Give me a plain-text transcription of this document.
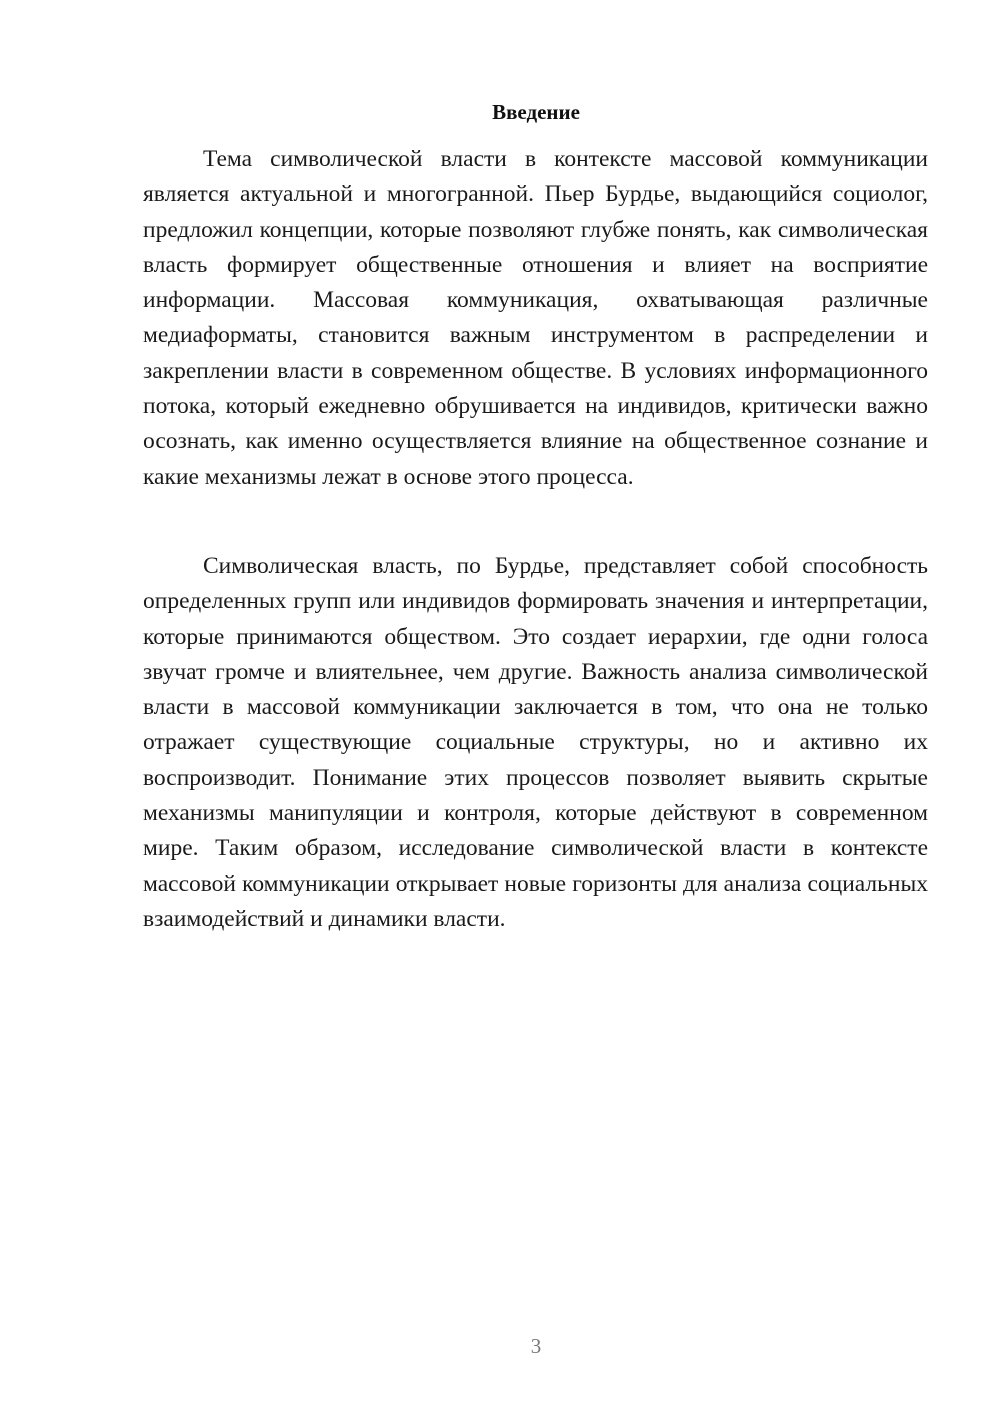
Введение

Тема символической власти в контексте массовой коммуникации является актуальной и многогранной. Пьер Бурдье, выдающийся социолог, предложил концепции, которые позволяют глубже понять, как символическая власть формирует общественные отношения и влияет на восприятие информации. Массовая коммуникация, охватывающая различные медиаформаты, становится важным инструментом в распределении и закреплении власти в современном обществе. В условиях информационного потока, который ежедневно обрушивается на индивидов, критически важно осознать, как именно осуществляется влияние на общественное сознание и какие механизмы лежат в основе этого процесса.

Символическая власть, по Бурдье, представляет собой способность определенных групп или индивидов формировать значения и интерпретации, которые принимаются обществом. Это создает иерархии, где одни голоса звучат громче и влиятельнее, чем другие. Важность анализа символической власти в массовой коммуникации заключается в том, что она не только отражает существующие социальные структуры, но и активно их воспроизводит. Понимание этих процессов позволяет выявить скрытые механизмы манипуляции и контроля, которые действуют в современном мире. Таким образом, исследование символической власти в контексте массовой коммуникации открывает новые горизонты для анализа социальных взаимодействий и динамики власти.

3
